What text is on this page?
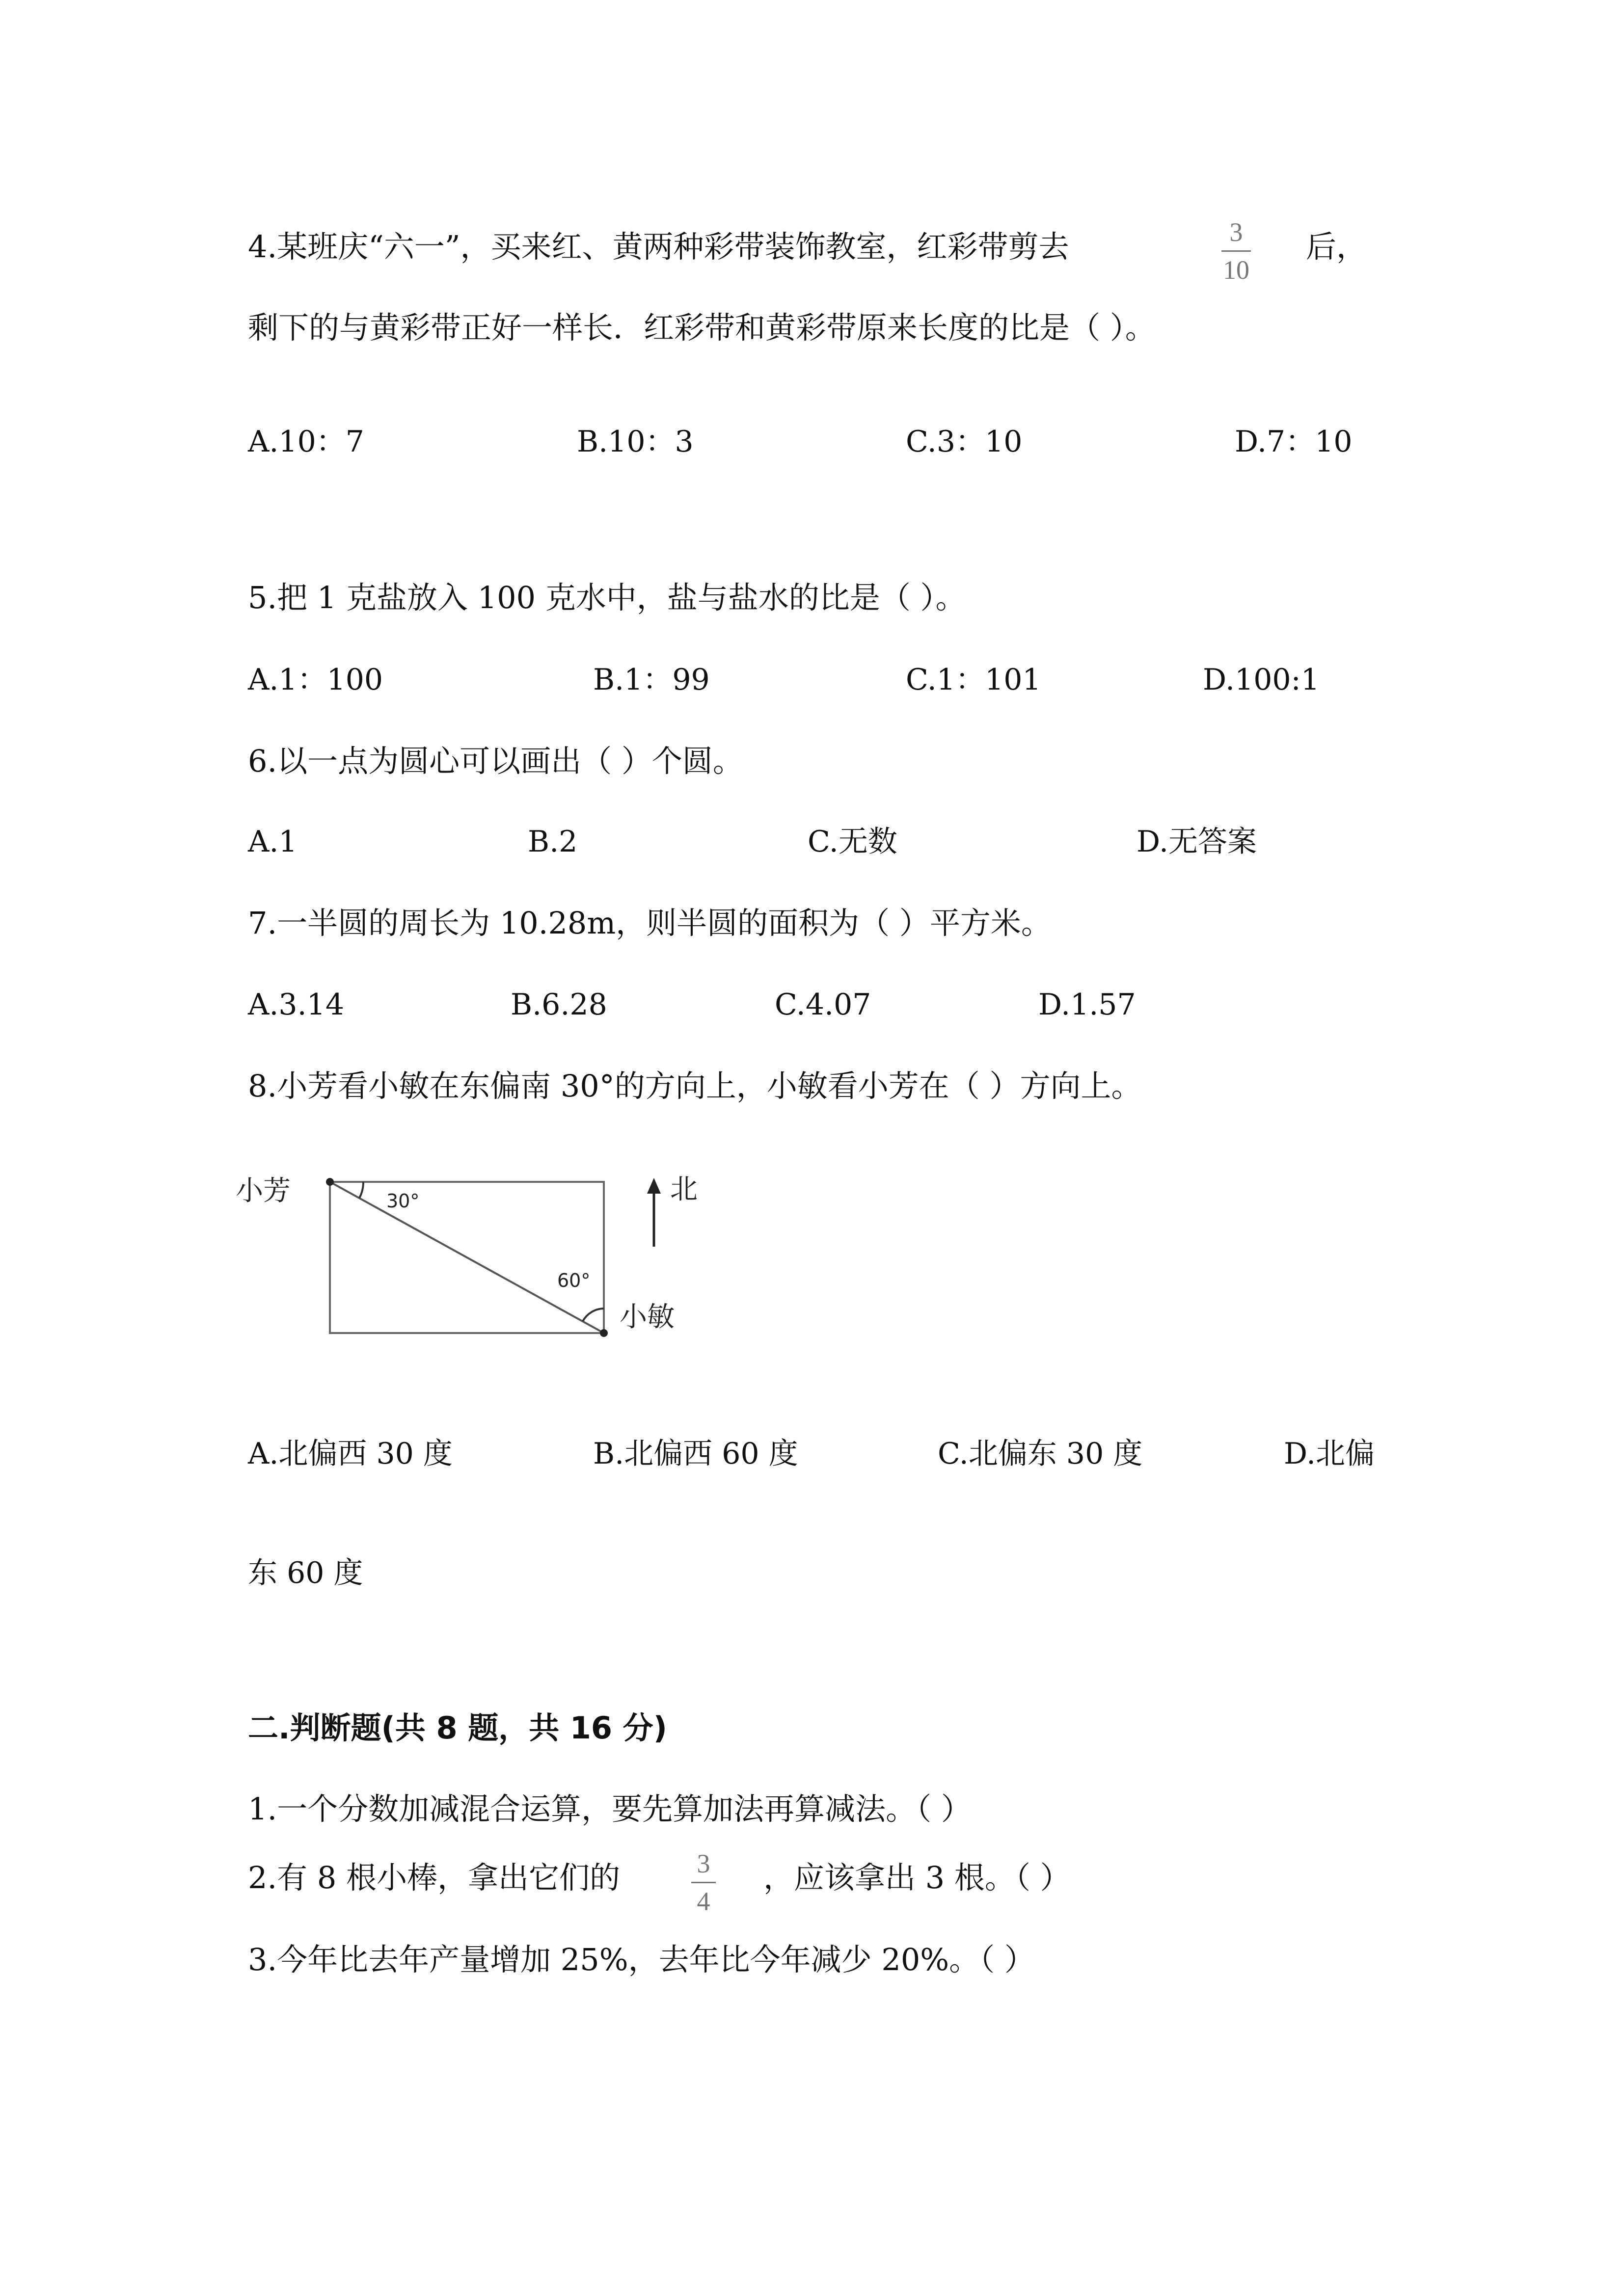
4.某班庆“六一”，买来红、黄两种彩带装饰教室，红彩带剪去	3
10
后，
剩下的与黄彩带正好一样长．红彩带和黄彩带原来长度的比是（ ）。
A.10：7	B.10：3	C.3：10	D.7：10
5.把 1 克盐放入 100 克水中，盐与盐水的比是（ ）。
A.1：100	B.1：99	C.1：101	D.100:1
6.以一点为圆心可以画出（ ）个圆。
A.1	B.2	C.无数	D.无答案
7.一半圆的周长为 10.28m，则半圆的面积为（ ）平方米。
A.3.14	B.6.28	C.4.07	D.1.57
8.小芳看小敏在东偏南 30°的方向上，小敏看小芳在（ ）方向上。
小芳
小敏
30°
60°
北
A.北偏西 30 度	B.北偏西 60 度	C.北偏东 30 度	D.北偏
东 60 度
二.判断题(共 8 题，共 16 分)
1.一个分数加减混合运算，要先算加法再算减法。（ ）
2.有 8 根小棒，拿出它们的	3
4
，应该拿出 3 根。（ ）
3.今年比去年产量增加 25%，去年比今年减少 20%。（ ）
